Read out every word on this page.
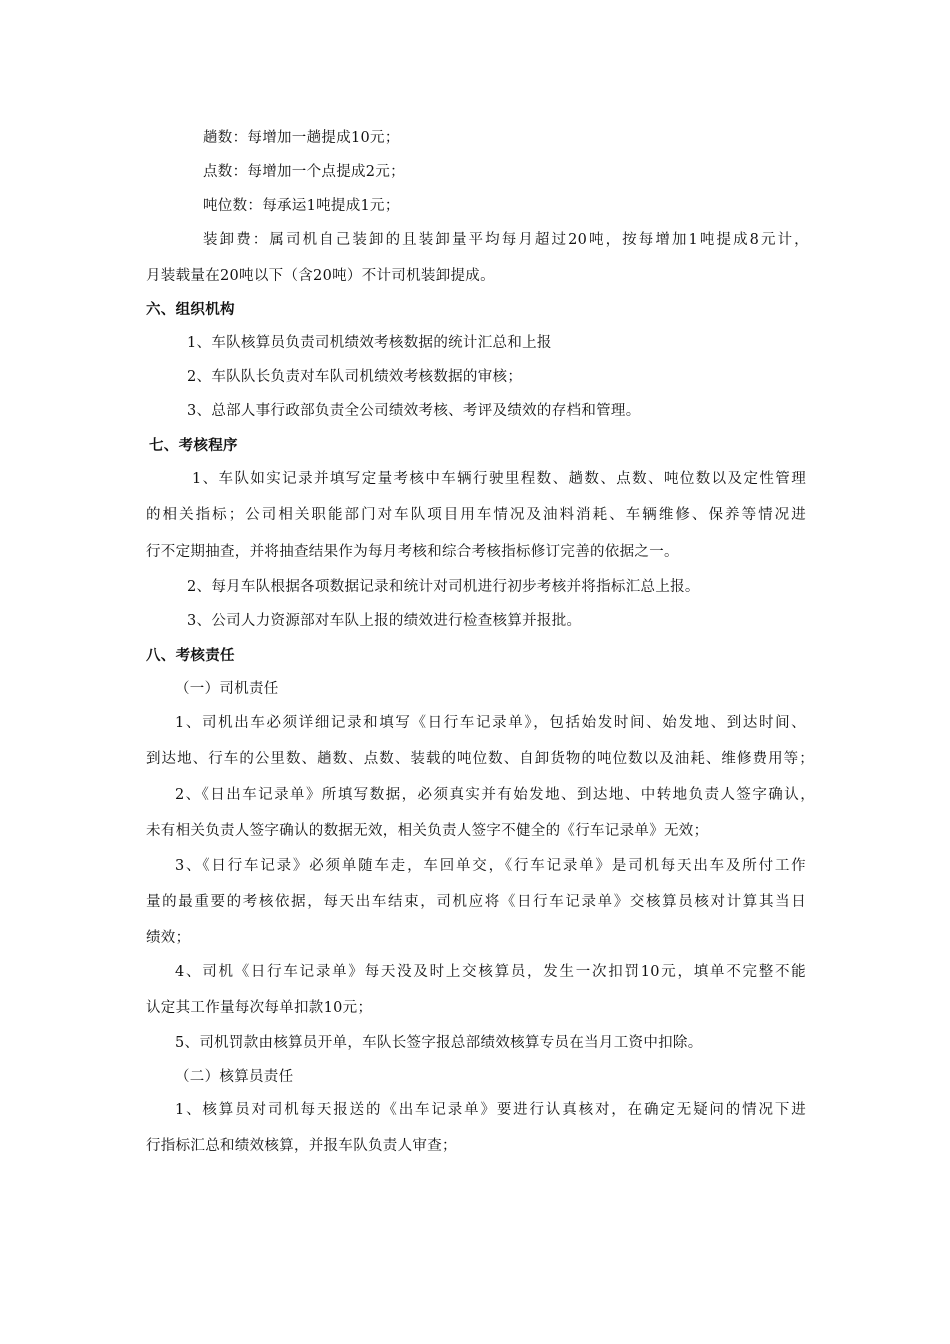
趟数：每增加一趟提成10元；
点数：每增加一个点提成2元；
吨位数：每承运1吨提成1元；
装卸费：属司机自己装卸的且装卸量平均每月超过20吨，按每增加1吨提成8元计，
月装载量在20吨以下（含20吨）不计司机装卸提成。
六、组织机构
1、车队核算员负责司机绩效考核数据的统计汇总和上报
2、车队队长负责对车队司机绩效考核数据的审核；
3、总部人事行政部负责全公司绩效考核、考评及绩效的存档和管理。
七、考核程序
1、车队如实记录并填写定量考核中车辆行驶里程数、趟数、点数、吨位数以及定性管理
的相关指标；公司相关职能部门对车队项目用车情况及油料消耗、车辆维修、保养等情况进
行不定期抽查，并将抽查结果作为每月考核和综合考核指标修订完善的依据之一。
2、每月车队根据各项数据记录和统计对司机进行初步考核并将指标汇总上报。
3、公司人力资源部对车队上报的绩效进行检查核算并报批。
八、考核责任
（一）司机责任
1、司机出车必须详细记录和填写《日行车记录单》，包括始发时间、始发地、到达时间、
到达地、行车的公里数、趟数、点数、装载的吨位数、自卸货物的吨位数以及油耗、维修费用等；
2、《日出车记录单》所填写数据，必须真实并有始发地、到达地、中转地负责人签字确认，
未有相关负责人签字确认的数据无效，相关负责人签字不健全的《行车记录单》无效；
3、《日行车记录》必须单随车走，车回单交，《行车记录单》是司机每天出车及所付工作
量的最重要的考核依据，每天出车结束，司机应将《日行车记录单》交核算员核对计算其当日
绩效；
4、司机《日行车记录单》每天没及时上交核算员，发生一次扣罚10元，填单不完整不能
认定其工作量每次每单扣款10元；
5、司机罚款由核算员开单，车队长签字报总部绩效核算专员在当月工资中扣除。
（二）核算员责任
1、核算员对司机每天报送的《出车记录单》要进行认真核对，在确定无疑问的情况下进
行指标汇总和绩效核算，并报车队负责人审查；
